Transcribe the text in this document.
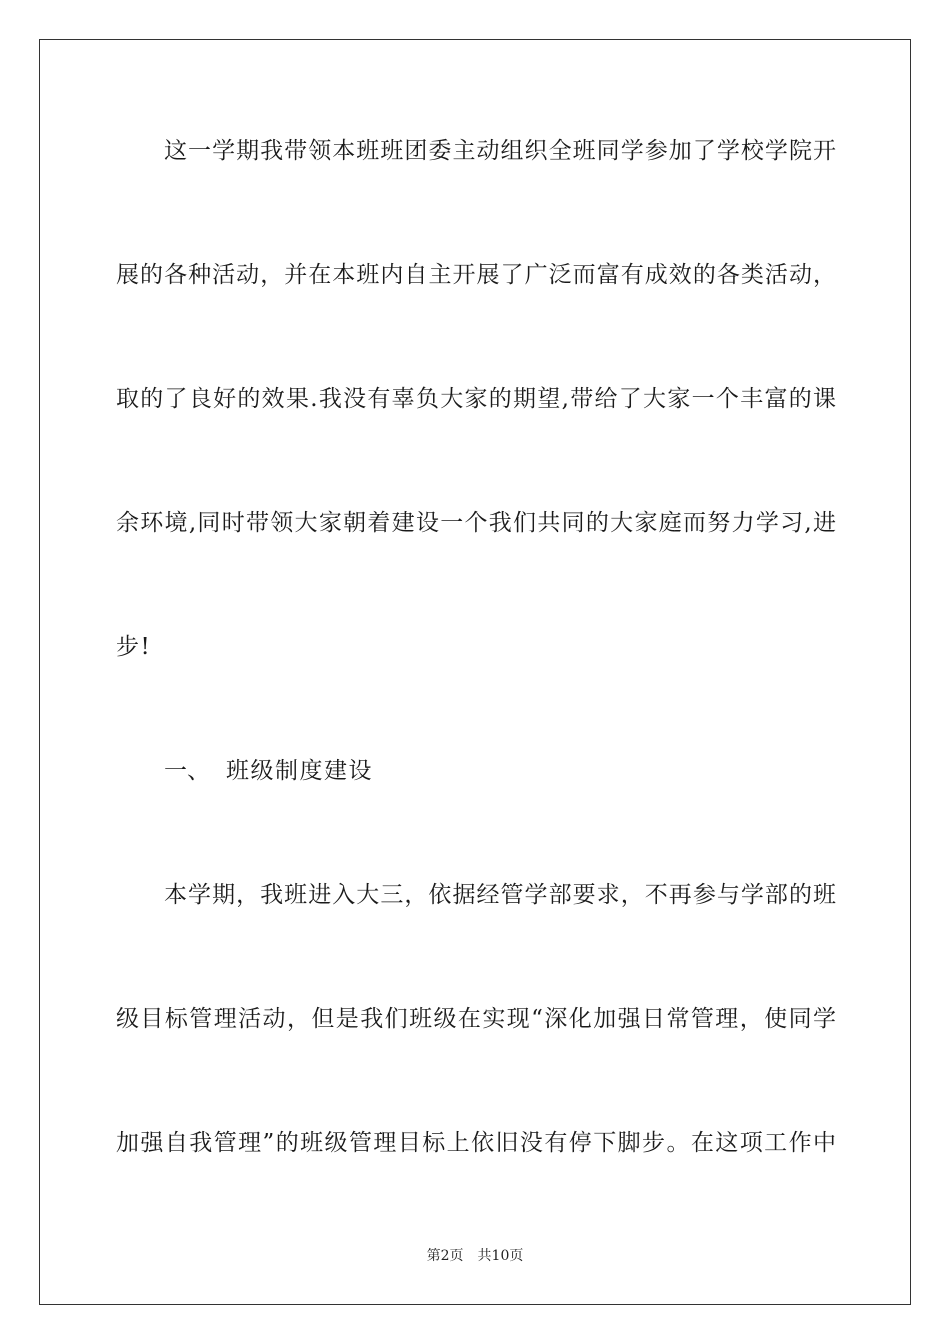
这一学期我带领本班班团委主动组织全班同学参加了学校学院开
展的各种活动，并在本班内自主开展了广泛而富有成效的各类活动，
取的了良好的效果.我没有辜负大家的期望,带给了大家一个丰富的课
余环境,同时带领大家朝着建设一个我们共同的大家庭而努力学习,进
步!
一、 班级制度建设
本学期，我班进入大三，依据经管学部要求，不再参与学部的班
级目标管理活动，但是我们班级在实现“深化加强日常管理，使同学
加强自我管理”的班级管理目标上依旧没有停下脚步。在这项工作中
第2页 共10页
